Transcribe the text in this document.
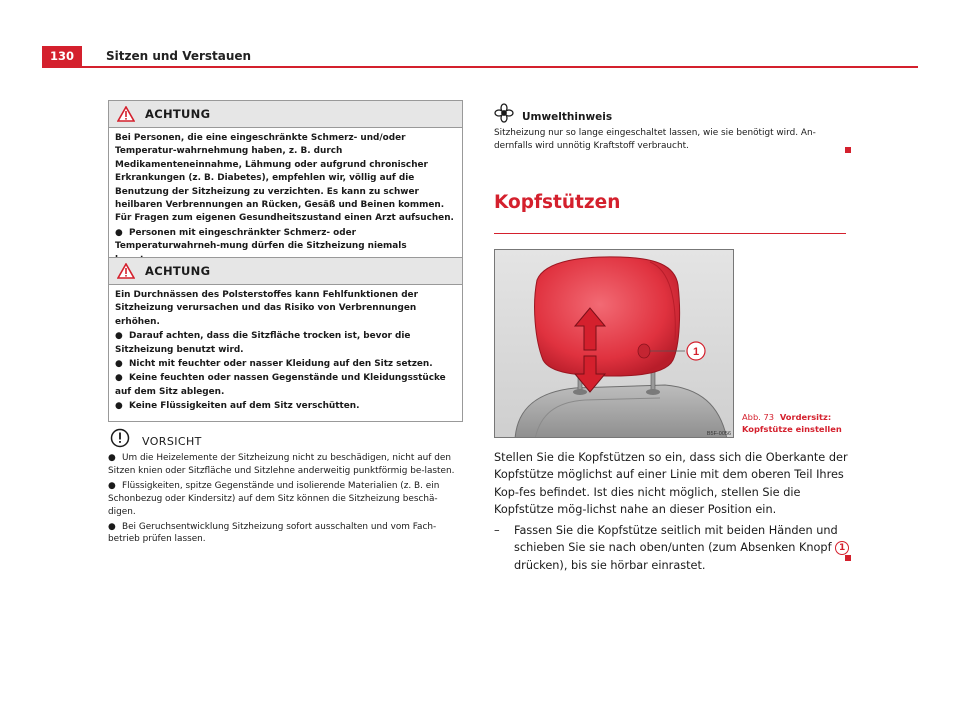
130	Sitzen und Verstauen
ACHTUNG

Bei Personen, die eine eingeschränkte Schmerz- und/oder Temperatur-wahrnehmung haben, z. B. durch Medikamenteneinnahme, Lähmung oder aufgrund chronischer Erkrankungen (z. B. Diabetes), empfehlen wir, völlig auf die Benutzung der Sitzheizung zu verzichten. Es kann zu schwer heilbaren Verbrennungen an Rücken, Gesäß und Beinen kommen. Für Fragen zum eigenen Gesundheitszustand einen Arzt aufsuchen.

● Personen mit eingeschränkter Schmerz- oder Temperaturwahrneh-mung dürfen die Sitzheizung niemals

ACHTUNG

Ein Durchnässen des Polsterstoffes kann Fehlfunktionen der Sitzheizung verursachen und das Risiko von Verbrennungen erhöhen.

● Darauf achten, dass die Sitzfläche trocken ist, bevor die Sitzheizung benutzt wird.

● Nicht mit feuchter oder nasser Kleidung auf den Sitz setzen.

● Keine feuchten oder nassen Gegenstände und Kleidungsstücke auf dem Sitz ablegen.

● Keine Flüssigkeiten auf dem Sitz verschütten.

VORSICHT

● Um die Heizelemente der Sitzheizung nicht zu beschädigen, nicht auf den Sitzen knien oder Sitzfläche und Sitzlehne anderweitig punktförmig be-lasten.

● Flüssigkeiten, spitze Gegenstände und isolierende Materialien (z. B. ein Schonbezug oder Kindersitz) auf dem Sitz können die Sitzheizung beschä-digen.

● Bei Geruchsentwicklung Sitzheizung sofort ausschalten und vom Fach-betrieb prüfen lassen.

Umwelthinweis
Sitzheizung nur so lange eingeschaltet lassen, wie sie benötigt wird. An-dernfalls wird unnötig Kraftstoff verbraucht.
Kopfstützen
1
B5F-0056
Abb. 73 Vordersitz:
Kopfstütze einstellen
Stellen Sie die Kopfstützen so ein, dass sich die Oberkante der Kopfstütze möglichst auf einer Linie mit dem oberen Teil Ihres Kop-fes befindet. Ist dies nicht möglich, stellen Sie die Kopfstütze mög-lichst nahe an dieser Position ein.
–	Fassen Sie die Kopfstütze seitlich mit beiden Händen und schieben Sie sie nach oben/unten (zum Absenken Knopf 1 drücken), bis sie hörbar einrastet.
